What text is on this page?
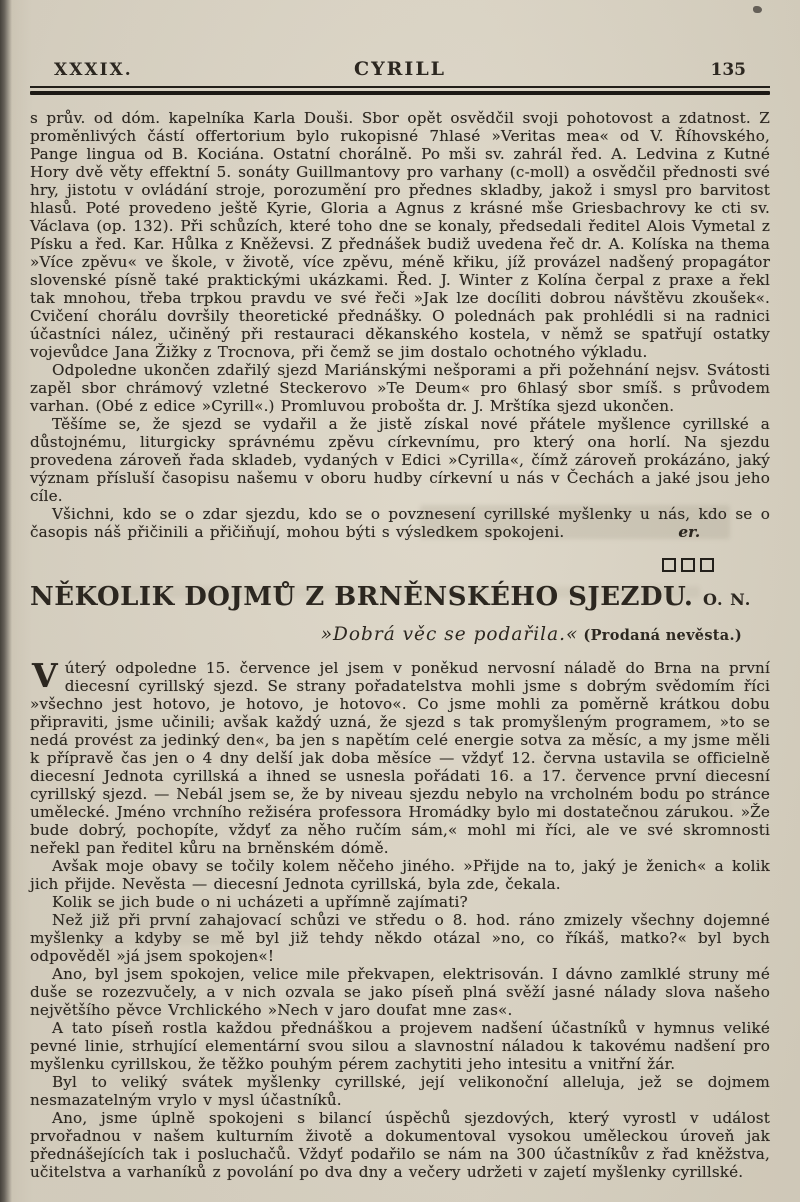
XXXIX.	CYRILL	135

s prův. od dóm. kapelníka Karla Douši. Sbor opět osvědčil svoji pohotovost a zdatnost. Z proměnlivých částí offertorium bylo rukopisné 7hlasé »Veritas mea« od V. Říhovského, Pange lingua od B. Kociána. Ostatní chorálně. Po mši sv. zahrál řed. A. Ledvina z Kutné Hory dvě věty effektní 5. sonáty Guillmantovy pro varhany (c-moll) a osvědčil přednosti své hry, jistotu v ovládání stroje, porozumění pro přednes skladby, jakož i smysl pro barvitost hlasů. Poté provedeno ještě Kyrie, Gloria a Agnus z krásné mše Griesbachrovy ke cti sv. Václava (op. 132). Při schůzích, které toho dne se konaly, předsedali ředitel Alois Vymetal z Písku a řed. Kar. Hůlka z Kněževsi. Z přednášek budiž uvedena řeč dr. A. Kolíska na thema »Více zpěvu« ve škole, v životě, více zpěvu, méně křiku, jíž provázel nadšený propagátor slovenské písně také praktickými ukázkami. Řed. J. Winter z Kolína čerpal z praxe a řekl tak mnohou, třeba trpkou pravdu ve své řeči »Jak lze docíliti dobrou návštěvu zkoušek«. Cvičení chorálu dovršily theoretické přednášky. O polednách pak prohlédli si na radnici účastníci nález, učiněný při restauraci děkanského kostela, v němž se spatřují ostatky vojevůdce Jana Žižky z Trocnova, při čemž se jim dostalo ochotného výkladu.

Odpoledne ukončen zdařilý sjezd Mariánskými nešporami a při požehnání nejsv. Svátosti zapěl sbor chrámový vzletné Steckerovo »Te Deum« pro 6hlasý sbor smíš. s průvodem varhan. (Obé z edice »Cyrill«.) Promluvou probošta dr. J. Mrštíka sjezd ukončen.

Těšíme se, že sjezd se vydařil a že jistě získal nové přátele myšlence cyrillské a důstojnému, liturgicky správnému zpěvu církevnímu, pro který ona horlí. Na sjezdu provedena zároveň řada skladeb, vydaných v Edici »Cyrilla«, čímž zároveň prokázáno, jaký význam přísluší časopisu našemu v oboru hudby církevní u nás v Čechách a jaké jsou jeho cíle.

Všichni, kdo se o zdar sjezdu, kdo se o povznesení cyrillské myšlenky u nás, kdo se o časopis náš přičinili a přičiňují, mohou býti s výsledkem spokojeni.	er.

NĚKOLIK DOJMŮ Z BRNĚNSKÉHO SJEZDU. O. N.
»Dobrá věc se podařila.« (Prodaná nevěsta.)

Vúterý odpoledne 15. července jel jsem v poněkud nervosní náladě do Brna na první diecesní cyrillský sjezd. Se strany pořadatelstva mohli jsme s dobrým svědomím říci »všechno jest hotovo, je hotovo, je hotovo«. Co jsme mohli za poměrně krátkou dobu připraviti, jsme učinili; avšak každý uzná, že sjezd s tak promyšleným programem, »to se nedá provést za jedinký den«, ba jen s napětím celé energie sotva za měsíc, a my jsme měli k přípravě čas jen o 4 dny delší jak doba měsíce — vždyť 12. června ustavila se officielně diecesní Jednota cyrillská a ihned se usnesla pořádati 16. a 17. července první diecesní cyrillský sjezd. — Nebál jsem se, že by niveau sjezdu nebylo na vrcholném bodu po stránce umělecké. Jméno vrchního režiséra professora Hromádky bylo mi dostatečnou zárukou. »Že bude dobrý, pochopíte, vždyť za něho ručím sám,« mohl mi říci, ale ve své skromnosti neřekl pan ředitel kůru na brněnském dómě.

Avšak moje obavy se točily kolem něčeho jiného. »Přijde na to, jaký je ženich« a kolik jich přijde. Nevěsta — diecesní Jednota cyrillská, byla zde, čekala.

Kolik se jich bude o ni ucházeti a upřímně zajímati?

Než již při první zahajovací schůzi ve středu o 8. hod. ráno zmizely všechny dojemné myšlenky a kdyby se mě byl již tehdy někdo otázal »no, co říkáš, matko?« byl bych odpověděl »já jsem spokojen«!

Ano, byl jsem spokojen, velice mile překvapen, elektrisován. I dávno zamlklé struny mé duše se rozezvučely, a v nich ozvala se jako píseň plná svěží jasné nálady slova našeho největšího pěvce Vrchlického »Nech v jaro doufat mne zas«.

A tato píseň rostla každou přednáškou a projevem nadšení účastníků v hymnus veliké pevné linie, strhující elementární svou silou a slavnostní náladou k takovému nadšení pro myšlenku cyrillskou, že těžko pouhým pérem zachytiti jeho intesitu a vnitřní žár.

Byl to veliký svátek myšlenky cyrillské, její velikonoční alleluja, jež se dojmem nesmazatelným vrylo v mysl účastníků.

Ano, jsme úplně spokojeni s bilancí úspěchů sjezdových, který vyrostl v událost prvořadnou v našem kulturním životě a dokumentoval vysokou uměleckou úroveň jak přednášejících tak i posluchačů. Vždyť podařilo se nám na 300 účastníkův z řad kněžstva, učitelstva a varhaníků z povolání po dva dny a večery udržeti v zajetí myšlenky cyrillské.
